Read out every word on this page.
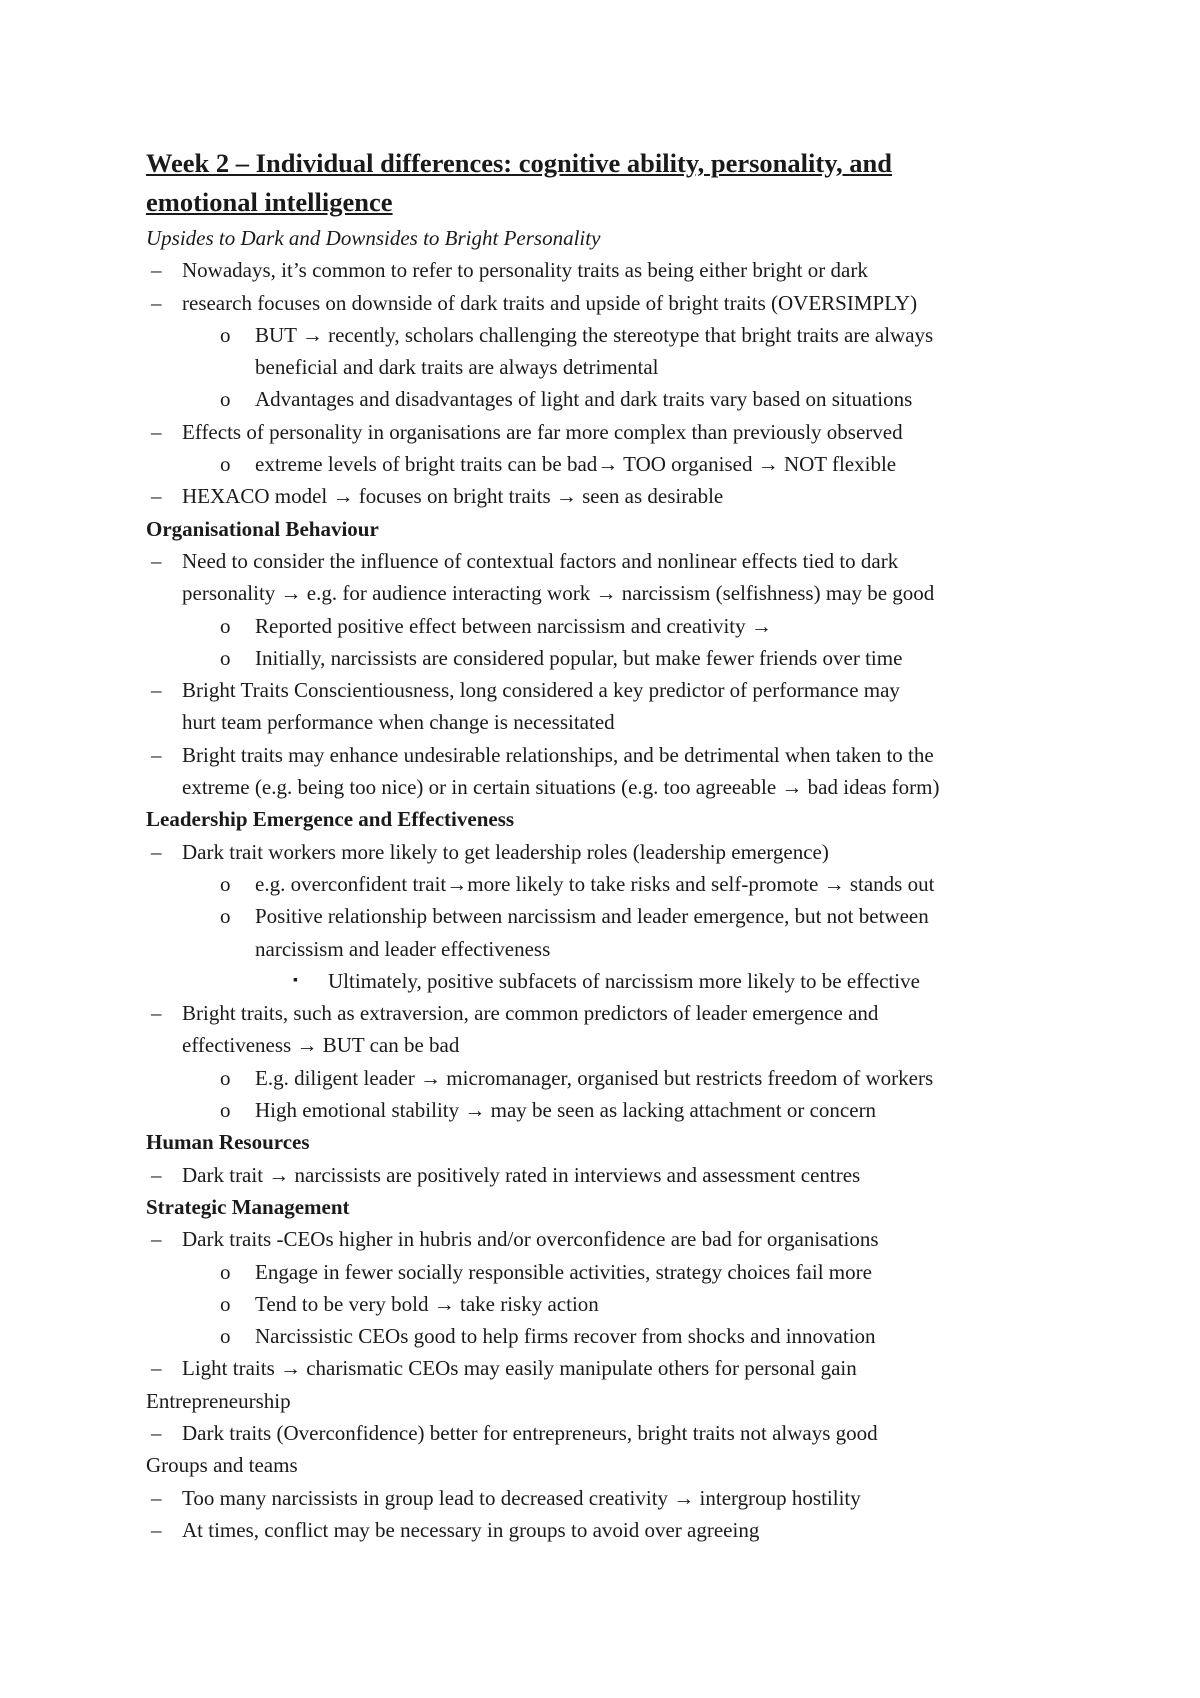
Week 2 – Individual differences: cognitive ability, personality, and
emotional intelligence
Upsides to Dark and Downsides to Bright Personality
– Nowadays, it’s common to refer to personality traits as being either bright or dark
– research focuses on downside of dark traits and upside of bright traits (OVERSIMPLY)
o BUT → recently, scholars challenging the stereotype that bright traits are always
beneficial and dark traits are always detrimental
o Advantages and disadvantages of light and dark traits vary based on situations
– Effects of personality in organisations are far more complex than previously observed
o extreme levels of bright traits can be bad→ TOO organised → NOT flexible
– HEXACO model → focuses on bright traits → seen as desirable
Organisational Behaviour
– Need to consider the influence of contextual factors and nonlinear effects tied to dark
personality → e.g. for audience interacting work → narcissism (selfishness) may be good
o Reported positive effect between narcissism and creativity →
o Initially, narcissists are considered popular, but make fewer friends over time
– Bright Traits Conscientiousness, long considered a key predictor of performance may
hurt team performance when change is necessitated
– Bright traits may enhance undesirable relationships, and be detrimental when taken to the
extreme (e.g. being too nice) or in certain situations (e.g. too agreeable → bad ideas form)
Leadership Emergence and Effectiveness
– Dark trait workers more likely to get leadership roles (leadership emergence)
o e.g. overconfident trait→more likely to take risks and self-promote → stands out
o Positive relationship between narcissism and leader emergence, but not between
narcissism and leader effectiveness
▪ Ultimately, positive subfacets of narcissism more likely to be effective
– Bright traits, such as extraversion, are common predictors of leader emergence and
effectiveness → BUT can be bad
o E.g. diligent leader → micromanager, organised but restricts freedom of workers
o High emotional stability → may be seen as lacking attachment or concern
Human Resources
– Dark trait → narcissists are positively rated in interviews and assessment centres
Strategic Management
– Dark traits -CEOs higher in hubris and/or overconfidence are bad for organisations
o Engage in fewer socially responsible activities, strategy choices fail more
o Tend to be very bold → take risky action
o Narcissistic CEOs good to help firms recover from shocks and innovation
– Light traits → charismatic CEOs may easily manipulate others for personal gain
Entrepreneurship
– Dark traits (Overconfidence) better for entrepreneurs, bright traits not always good
Groups and teams
– Too many narcissists in group lead to decreased creativity → intergroup hostility
– At times, conflict may be necessary in groups to avoid over agreeing
